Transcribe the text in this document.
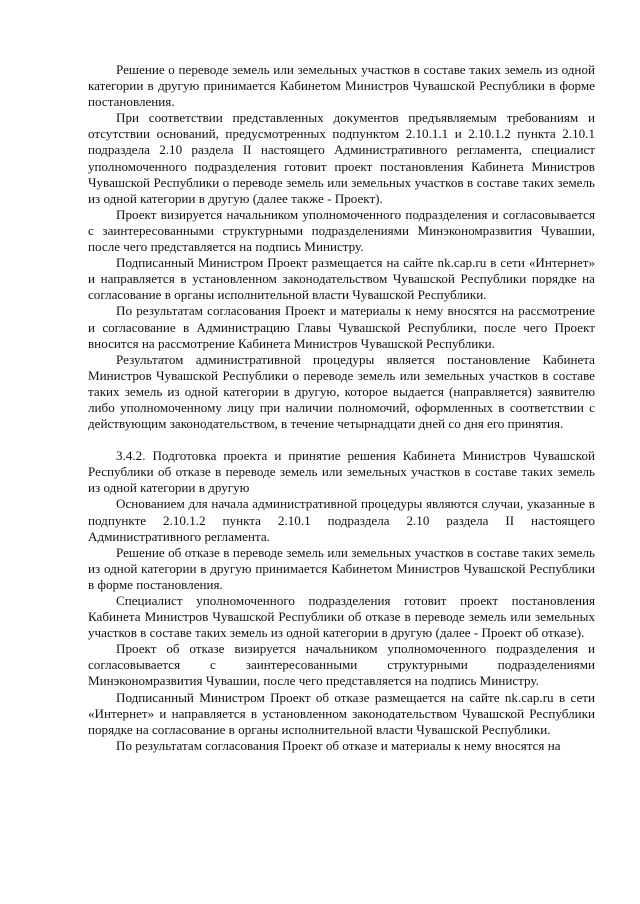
Решение о переводе земель или земельных участков в составе таких земель из одной категории в другую принимается Кабинетом Министров Чувашской Республики в форме постановления.

При соответствии представленных документов предъявляемым требованиям и отсутствии оснований, предусмотренных подпунктом 2.10.1.1 и 2.10.1.2 пункта 2.10.1 подраздела 2.10 раздела II настоящего Административного регламента, специалист уполномоченного подразделения готовит проект постановления Кабинета Министров Чувашской Республики о переводе земель или земельных участков в составе таких земель из одной категории в другую (далее также - Проект).

Проект визируется начальником уполномоченного подразделения и согласовывается с заинтересованными структурными подразделениями Минэкономразвития Чувашии, после чего представляется на подпись Министру.

Подписанный Министром Проект размещается на сайте nk.cap.ru в сети «Интернет» и направляется в установленном законодательством Чувашской Республики порядке на согласование в органы исполнительной власти Чувашской Республики.

По результатам согласования Проект и материалы к нему вносятся на рассмотрение и согласование в Администрацию Главы Чувашской Республики, после чего Проект вносится на рассмотрение Кабинета Министров Чувашской Республики.

Результатом административной процедуры является постановление Кабинета Министров Чувашской Республики о переводе земель или земельных участков в составе таких земель из одной категории в другую, которое выдается (направляется) заявителю либо уполномоченному лицу при наличии полномочий, оформленных в соответствии с действующим законодательством, в течение четырнадцати дней со дня его принятия.

3.4.2. Подготовка проекта и принятие решения Кабинета Министров Чувашской Республики об отказе в переводе земель или земельных участков в составе таких земель из одной категории в другую

Основанием для начала административной процедуры являются случаи, указанные в подпункте 2.10.1.2 пункта 2.10.1 подраздела 2.10 раздела II настоящего Административного регламента.

Решение об отказе в переводе земель или земельных участков в составе таких земель из одной категории в другую принимается Кабинетом Министров Чувашской Республики в форме постановления.

Специалист уполномоченного подразделения готовит проект постановления Кабинета Министров Чувашской Республики об отказе в переводе земель или земельных участков в составе таких земель из одной категории в другую (далее - Проект об отказе).

Проект об отказе визируется начальником уполномоченного подразделения и согласовывается с заинтересованными структурными подразделениями Минэкономразвития Чувашии, после чего представляется на подпись Министру.

Подписанный Министром Проект об отказе размещается на сайте nk.cap.ru в сети «Интернет» и направляется в установленном законодательством Чувашской Республики порядке на согласование в органы исполнительной власти Чувашской Республики.

По результатам согласования Проект об отказе и материалы к нему вносятся на
